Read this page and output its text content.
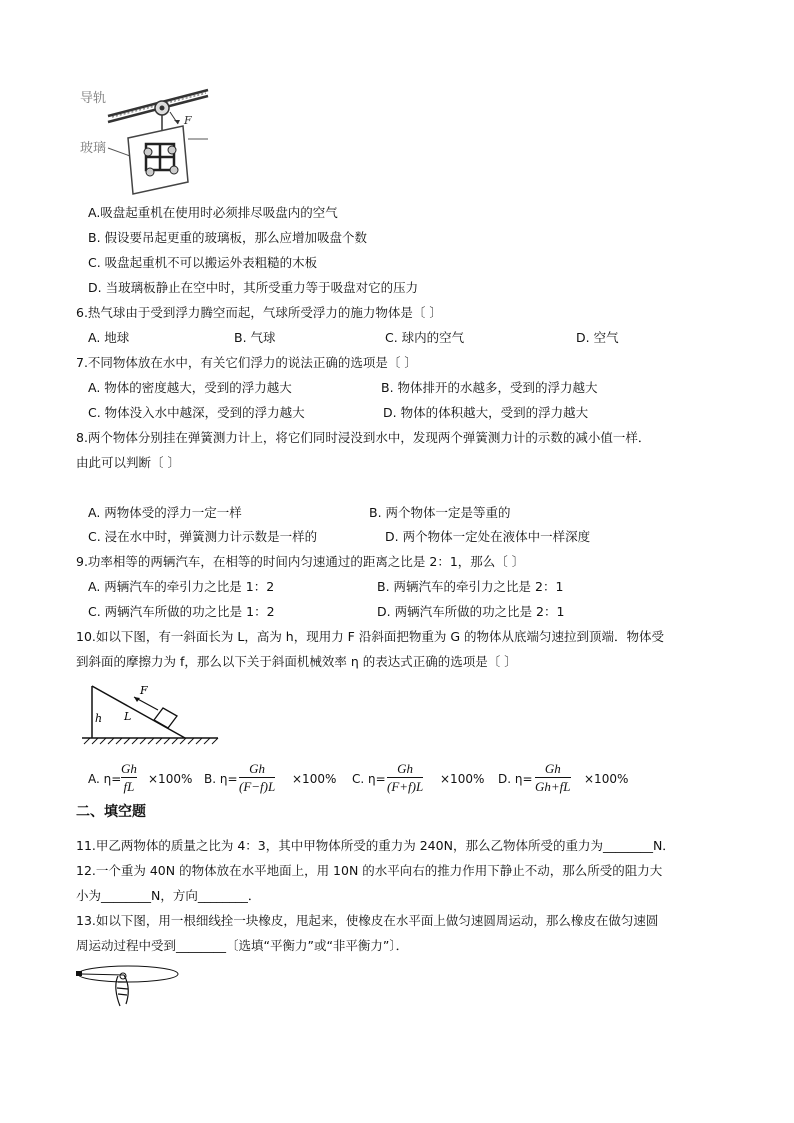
导轨
F
玻璃
A.吸盘起重机在使用时必须排尽吸盘内的空气
B. 假设要吊起更重的玻璃板，那么应增加吸盘个数
C. 吸盘起重机不可以搬运外表粗糙的木板
D. 当玻璃板静止在空中时，其所受重力等于吸盘对它的压力
6.热气球由于受到浮力腾空而起，气球所受浮力的施力物体是〔 〕
A. 地球	B. 气球	C. 球内的空气	D. 空气
7.不同物体放在水中，有关它们浮力的说法正确的选项是〔 〕
A. 物体的密度越大，受到的浮力越大	B. 物体排开的水越多，受到的浮力越大
C. 物体没入水中越深，受到的浮力越大	D. 物体的体积越大，受到的浮力越大
8.两个物体分别挂在弹簧测力计上，将它们同时浸没到水中，发现两个弹簧测力计的示数的减小值一样．
由此可以判断〔 〕
A. 两物体受的浮力一定一样	B. 两个物体一定是等重的
C. 浸在水中时，弹簧测力计示数是一样的	D. 两个物体一定处在液体中一样深度
9.功率相等的两辆汽车，在相等的时间内匀速通过的距离之比是 2：1，那么〔 〕
A. 两辆汽车的牵引力之比是 1：2	B. 两辆汽车的牵引力之比是 2：1
C. 两辆汽车所做的功之比是 1：2	D. 两辆汽车所做的功之比是 2：1
10.如以下图，有一斜面长为 L，高为 h，现用力 F 沿斜面把物重为 G 的物体从底端匀速拉到顶端．物体受
到斜面的摩擦力为 f，那么以下关于斜面机械效率 η 的表达式正确的选项是〔 〕
F
L
h
A. η=
Gh
fL ×100% B. η=
Gh
(F−f)L ×100% C. η=
Gh
(F+f)L ×100% D. η=
Gh
Gh+fL ×100%
二、填空题
11.甲乙两物体的质量之比为 4：3，其中甲物体所受的重力为 240N，那么乙物体所受的重力为________N．
12.一个重为 40N 的物体放在水平地面上，用 10N 的水平向右的推力作用下静止不动，那么所受的阻力大
小为________N，方向________．
13.如以下图，用一根细线拴一块橡皮，甩起来，使橡皮在水平面上做匀速圆周运动，那么橡皮在做匀速圆
周运动过程中受到________〔选填“平衡力”或“非平衡力”〕．
